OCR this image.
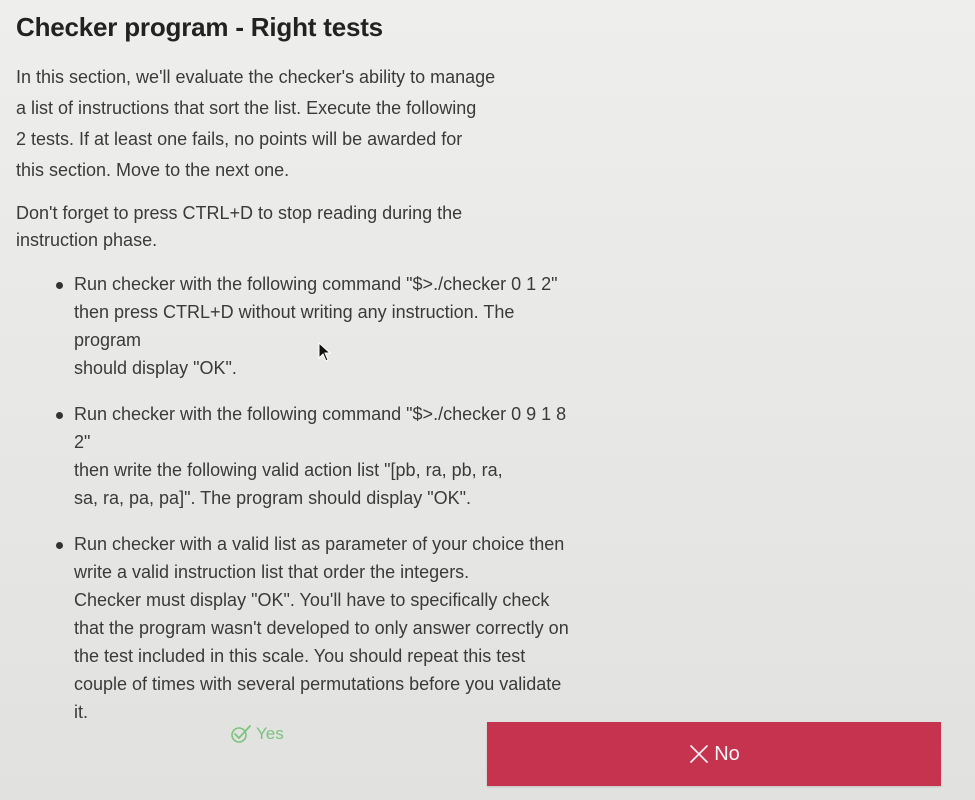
Checker program - Right tests

In this section, we'll evaluate the checker's ability to manage
a list of instructions that sort the list. Execute the following
2 tests. If at least one fails, no points will be awarded for
this section. Move to the next one.

Don't forget to press CTRL+D to stop reading during the
instruction phase.

Run checker with the following command "$>./checker 0 1 2"
then press CTRL+D without writing any instruction. The program
should display "OK".
Run checker with the following command "$>./checker 0 9 1 8 2"
then write the following valid action list "[pb, ra, pb, ra,
sa, ra, pa, pa]". The program should display "OK".
Run checker with a valid list as parameter of your choice then
write a valid instruction list that order the integers.
Checker must display "OK". You'll have to specifically check
that the program wasn't developed to only answer correctly on
the test included in this scale. You should repeat this test
couple of times with several permutations before you validate
it.
Yes
No
